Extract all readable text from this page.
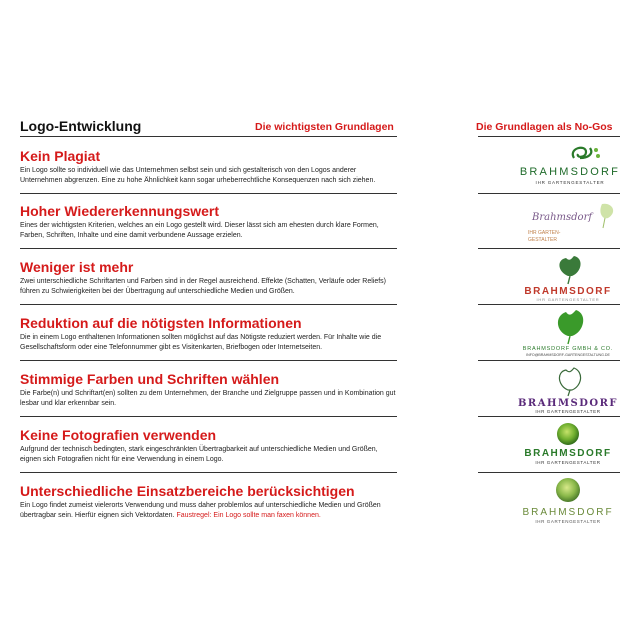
Logo-Entwicklung	Die wichtigsten Grundlagen	Die Grundlagen als No-Gos
Kein Plagiat

Ein Logo sollte so individuell wie das Unternehmen selbst sein und sich gestalterisch von den Logos anderer Unternehmen abgrenzen. Eine zu hohe Ähnlichkeit kann sogar urheberrechtliche Konsequenzen nach sich ziehen.

Hoher Wiedererkennungswert

Eines der wichtigsten Kriterien, welches an ein Logo gestellt wird. Dieser lässt sich am ehesten durch klare Formen, Farben, Schriften, Inhalte und eine damit verbundene Aussage erzielen.

Weniger ist mehr

Zwei unterschiedliche Schriftarten und Farben sind in der Regel ausreichend. Effekte (Schatten, Verläufe oder Reliefs) führen zu Schwierigkeiten bei der Übertragung auf unterschiedliche Medien und Größen.

Reduktion auf die nötigsten Informationen

Die in einem Logo enthaltenen Informationen sollten möglichst auf das Nötigste reduziert werden. Für Inhalte wie die Gesellschaftsform oder eine Telefonnummer gibt es Visitenkarten, Briefbogen oder Internetseiten.

Stimmige Farben und Schriften wählen

Die Farbe(n) und Schriftart(en) sollten zu dem Unternehmen, der Branche und Zielgruppe passen und in Kombination gut lesbar und klar erkennbar sein.

Keine Fotografien verwenden

Aufgrund der technisch bedingten, stark eingeschränkten Übertragbarkeit auf unterschiedliche Medien und Größen, eignen sich Fotografien nicht für eine Verwendung in einem Logo.

Unterschiedliche Einsatzbereiche berücksichtigen

Ein Logo findet zumeist vielerorts Verwendung und muss daher problemlos auf unterschiedliche Medien und Größen übertragbar sein. Hierfür eignen sich Vektordaten. Faustregel: Ein Logo sollte man faxen können.

BRAHMSDORF
IHR GARTENGESTALTER
Brahmsdorf
IHR GARTEN-
GESTALTER
BRAHMSDORF
IHR GARTENGESTALTER
BRAHMSDORF GMBH & CO.
INFO@BRAHMSDORF-GARTENGESTALTUNG.DE
BRAHMSDORF
IHR GARTENGESTALTER
BRAHMSDORF
IHR GARTENGESTALTER
BRAHMSDORF
IHR GARTENGESTALTER
